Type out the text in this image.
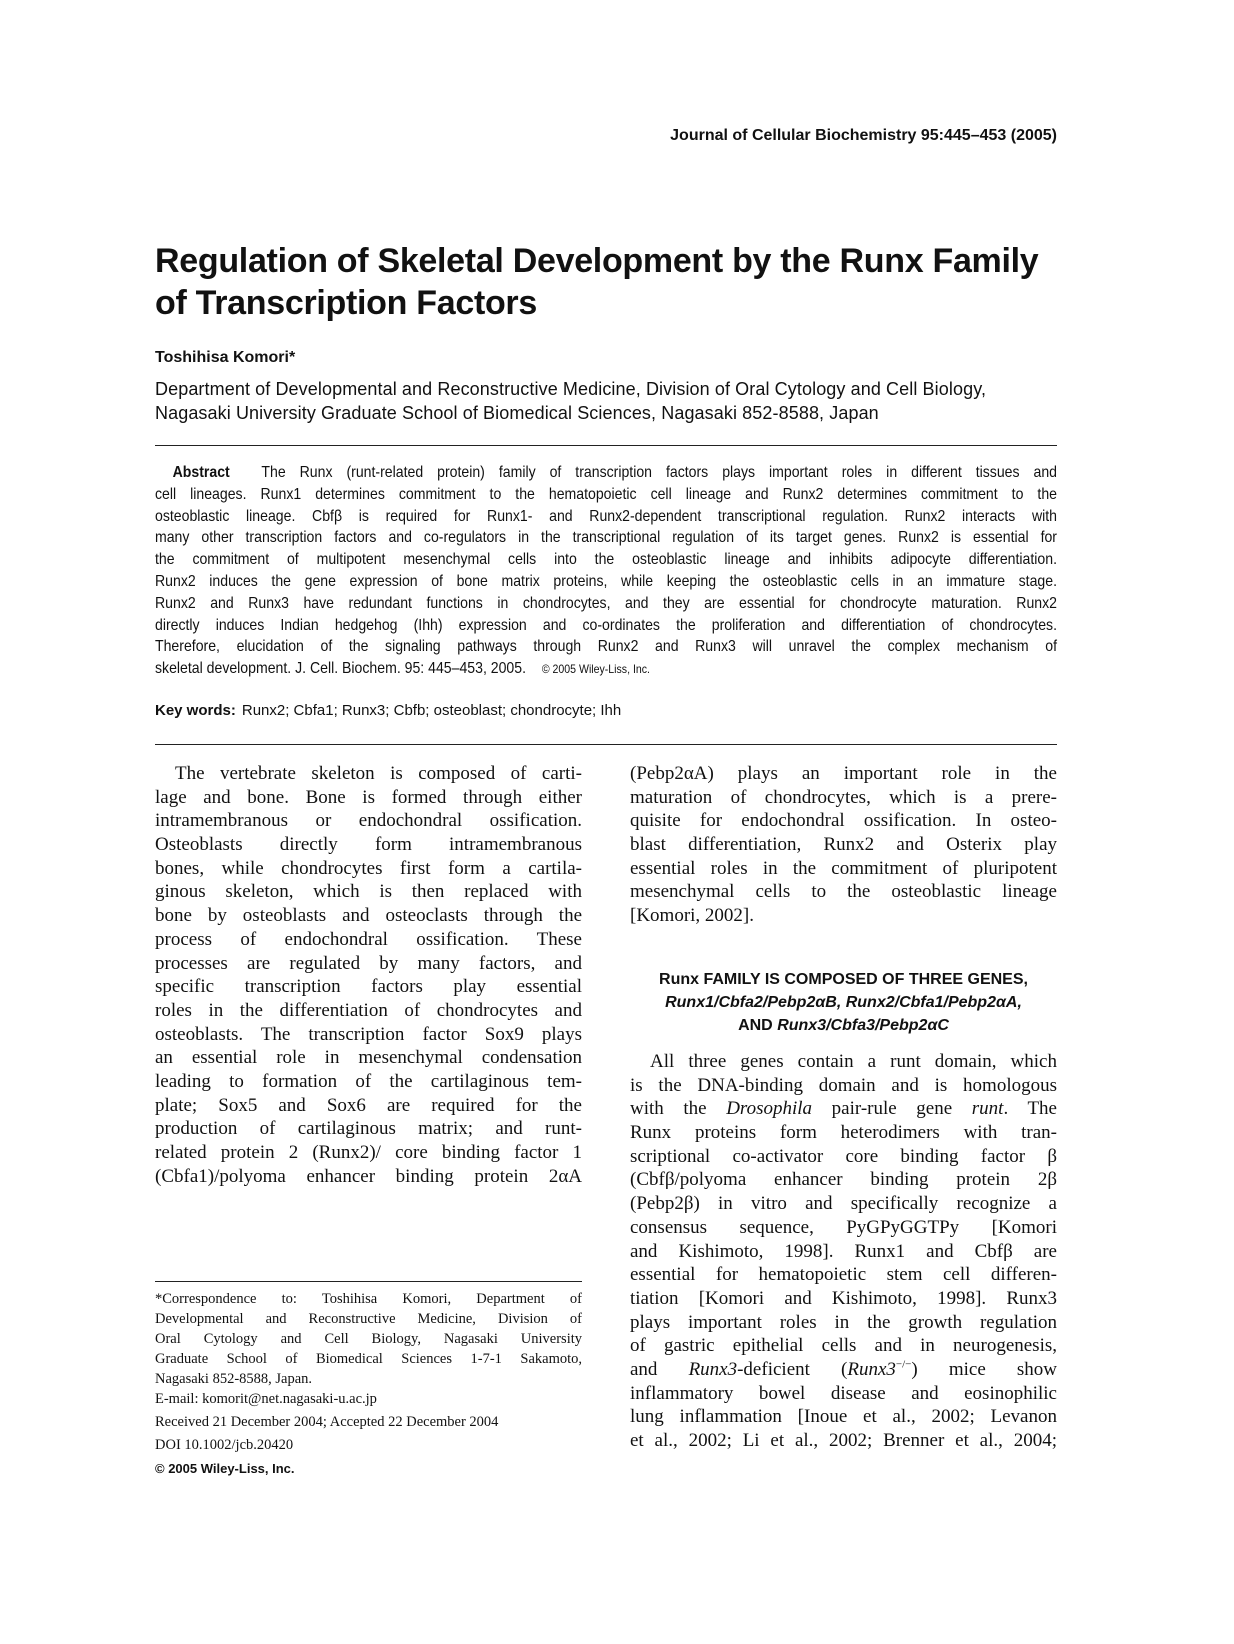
Journal of Cellular Biochemistry 95:445–453 (2005)
Regulation of Skeletal Development by the Runx Family
of Transcription Factors
Toshihisa Komori*
Department of Developmental and Reconstructive Medicine, Division of Oral Cytology and Cell Biology,
Nagasaki University Graduate School of Biomedical Sciences, Nagasaki 852-8588, Japan
Abstract The Runx (runt-related protein) family of transcription factors plays important roles in different tissues and
cell lineages. Runx1 determines commitment to the hematopoietic cell lineage and Runx2 determines commitment to the
osteoblastic lineage. Cbfβ is required for Runx1- and Runx2-dependent transcriptional regulation. Runx2 interacts with
many other transcription factors and co-regulators in the transcriptional regulation of its target genes. Runx2 is essential for
the commitment of multipotent mesenchymal cells into the osteoblastic lineage and inhibits adipocyte differentiation.
Runx2 induces the gene expression of bone matrix proteins, while keeping the osteoblastic cells in an immature stage.
Runx2 and Runx3 have redundant functions in chondrocytes, and they are essential for chondrocyte maturation. Runx2
directly induces Indian hedgehog (Ihh) expression and co-ordinates the proliferation and differentiation of chondrocytes.
Therefore, elucidation of the signaling pathways through Runx2 and Runx3 will unravel the complex mechanism of
skeletal development. J. Cell. Biochem. 95: 445–453, 2005. © 2005 Wiley-Liss, Inc.
Key words: Runx2; Cbfa1; Runx3; Cbfb; osteoblast; chondrocyte; Ihh
The vertebrate skeleton is composed of carti-
lage and bone. Bone is formed through either
intramembranous or endochondral ossification.
Osteoblasts directly form intramembranous
bones, while chondrocytes first form a cartila-
ginous skeleton, which is then replaced with
bone by osteoblasts and osteoclasts through the
process of endochondral ossification. These
processes are regulated by many factors, and
specific transcription factors play essential
roles in the differentiation of chondrocytes and
osteoblasts. The transcription factor Sox9 plays
an essential role in mesenchymal condensation
leading to formation of the cartilaginous tem-
plate; Sox5 and Sox6 are required for the
production of cartilaginous matrix; and runt-
related protein 2 (Runx2)/ core binding factor 1
(Cbfa1)/polyoma enhancer binding protein 2αA
(Pebp2αA) plays an important role in the
maturation of chondrocytes, which is a prere-
quisite for endochondral ossification. In osteo-
blast differentiation, Runx2 and Osterix play
essential roles in the commitment of pluripotent
mesenchymal cells to the osteoblastic lineage
[Komori, 2002].
Runx FAMILY IS COMPOSED OF THREE GENES,
Runx1/Cbfa2/Pebp2αB, Runx2/Cbfa1/Pebp2αA,
AND Runx3/Cbfa3/Pebp2αC
All three genes contain a runt domain, which
is the DNA-binding domain and is homologous
with the Drosophila pair-rule gene runt. The
Runx proteins form heterodimers with tran-
scriptional co-activator core binding factor β
(Cbfβ/polyoma enhancer binding protein 2β
(Pebp2β) in vitro and specifically recognize a
consensus sequence, PyGPyGGTPy [Komori
and Kishimoto, 1998]. Runx1 and Cbfβ are
essential for hematopoietic stem cell differen-
tiation [Komori and Kishimoto, 1998]. Runx3
plays important roles in the growth regulation
of gastric epithelial cells and in neurogenesis,
and Runx3-deficient (Runx3−/−) mice show
inflammatory bowel disease and eosinophilic
lung inflammation [Inoue et al., 2002; Levanon
et al., 2002; Li et al., 2002; Brenner et al., 2004;
*Correspondence to: Toshihisa Komori, Department of
Developmental and Reconstructive Medicine, Division of
Oral Cytology and Cell Biology, Nagasaki University
Graduate School of Biomedical Sciences 1-7-1 Sakamoto,
Nagasaki 852-8588, Japan.
E-mail: komorit@net.nagasaki-u.ac.jp
Received 21 December 2004; Accepted 22 December 2004
DOI 10.1002/jcb.20420
© 2005 Wiley-Liss, Inc.
